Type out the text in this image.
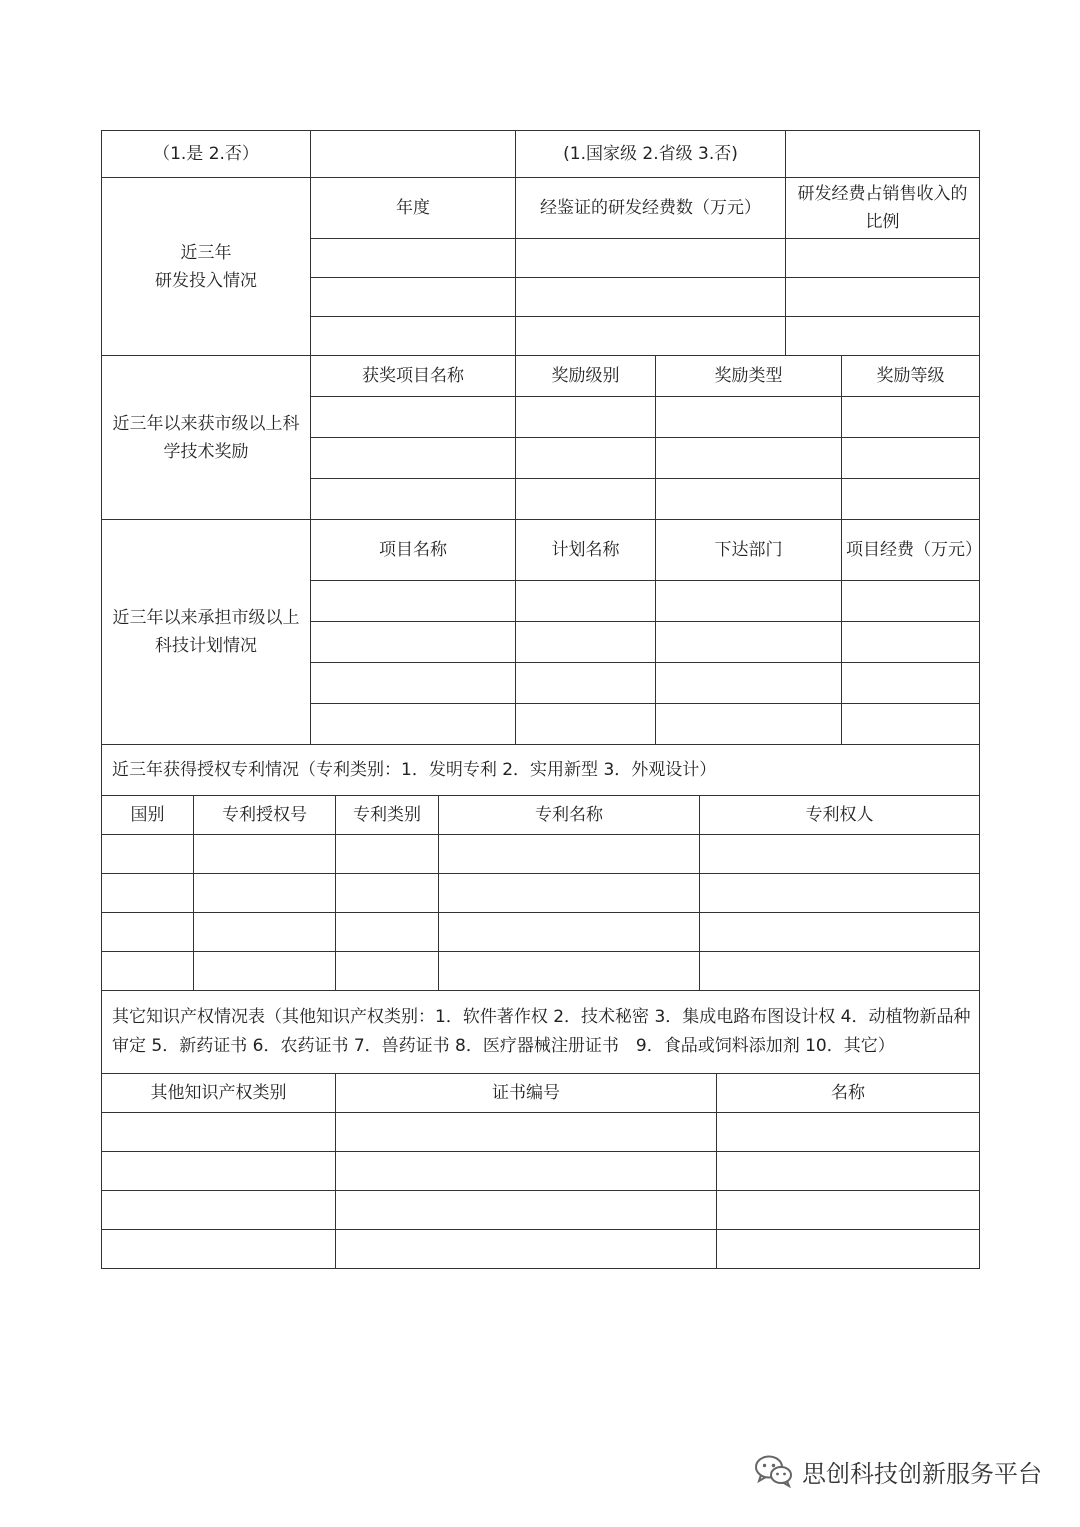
（1.是 2.否）		(1.国家级 2.省级 3.否)	

近三年
研发投入情况	年度	经鉴证的研发经费数（万元）	研发经费占销售收入的比例

近三年以来获市级以上科学技术奖励	获奖项目名称	奖励级别	奖励类型	奖励等级

近三年以来承担市级以上科技计划情况	项目名称	计划名称	下达部门	项目经费（万元）

近三年获得授权专利情况（专利类别：1．发明专利 2．实用新型 3．外观设计）				
国别	专利授权号	专利类别	专利名称	专利权人

其它知识产权情况表（其他知识产权类别：1．软件著作权 2．技术秘密 3．集成电路布图设计权 4．动植物新品种审定 5．新药证书 6．农药证书 7．兽药证书 8．医疗器械注册证书　9．食品或饲料添加剂 10．其它）		
其他知识产权类别	证书编号	名称

思创科技创新服务平台
